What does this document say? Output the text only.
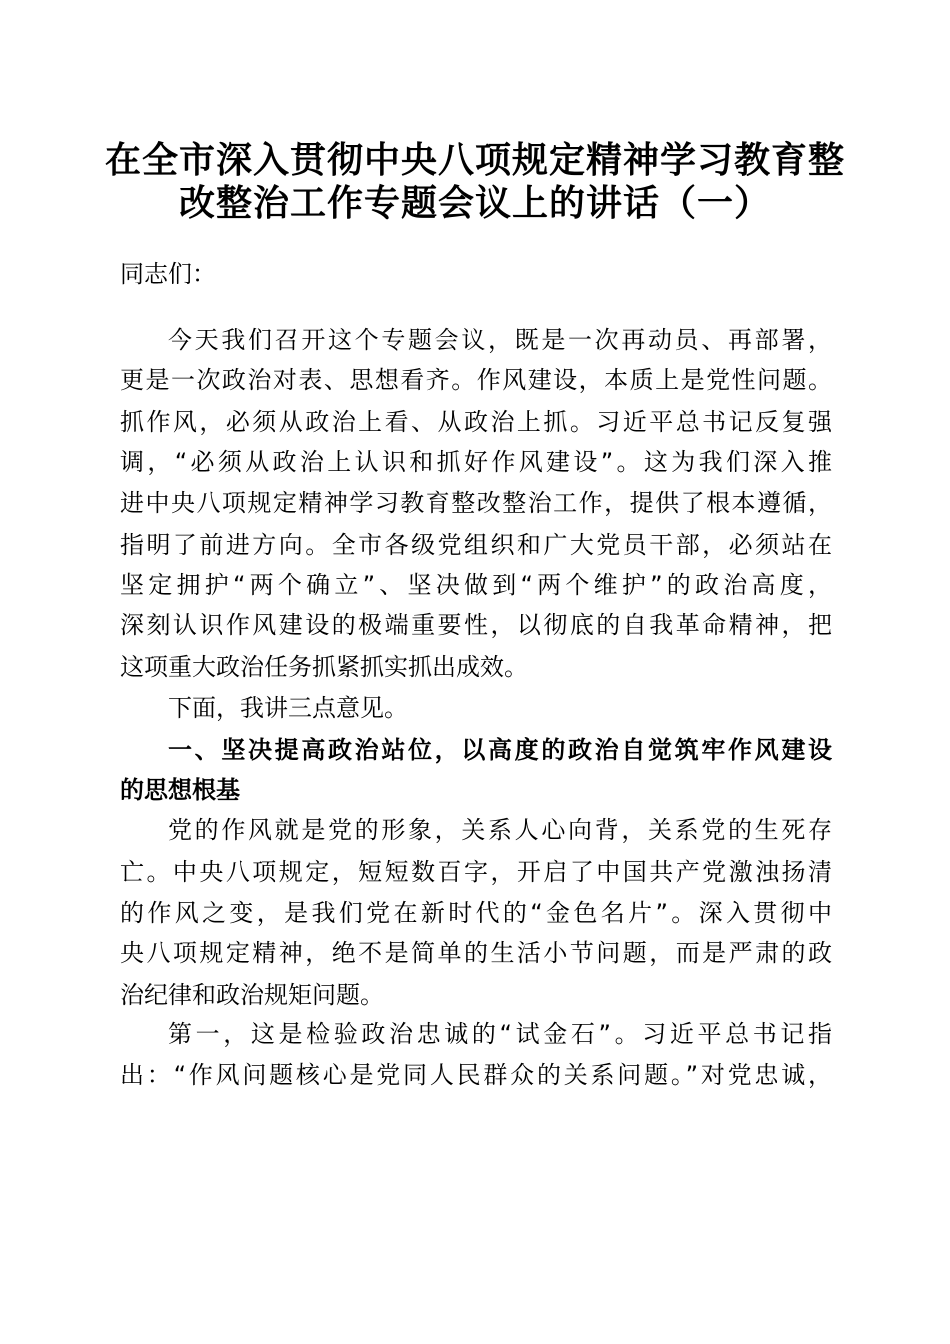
在全市深入贯彻中央八项规定精神学习教育整
改整治工作专题会议上的讲话（一）
同志们：
今天我们召开这个专题会议，既是一次再动员、再部署，
更是一次政治对表、思想看齐。作风建设，本质上是党性问题。
抓作风，必须从政治上看、从政治上抓。习近平总书记反复强
调，“必须从政治上认识和抓好作风建设”。这为我们深入推
进中央八项规定精神学习教育整改整治工作，提供了根本遵循，
指明了前进方向。全市各级党组织和广大党员干部，必须站在
坚定拥护“两个确立”、坚决做到“两个维护”的政治高度，
深刻认识作风建设的极端重要性，以彻底的自我革命精神，把
这项重大政治任务抓紧抓实抓出成效。
下面，我讲三点意见。
一、坚决提高政治站位，以高度的政治自觉筑牢作风建设
的思想根基
党的作风就是党的形象，关系人心向背，关系党的生死存
亡。中央八项规定，短短数百字，开启了中国共产党激浊扬清
的作风之变，是我们党在新时代的“金色名片”。深入贯彻中
央八项规定精神，绝不是简单的生活小节问题，而是严肃的政
治纪律和政治规矩问题。
第一，这是检验政治忠诚的“试金石”。习近平总书记指
出：“作风问题核心是党同人民群众的关系问题。”对党忠诚，
